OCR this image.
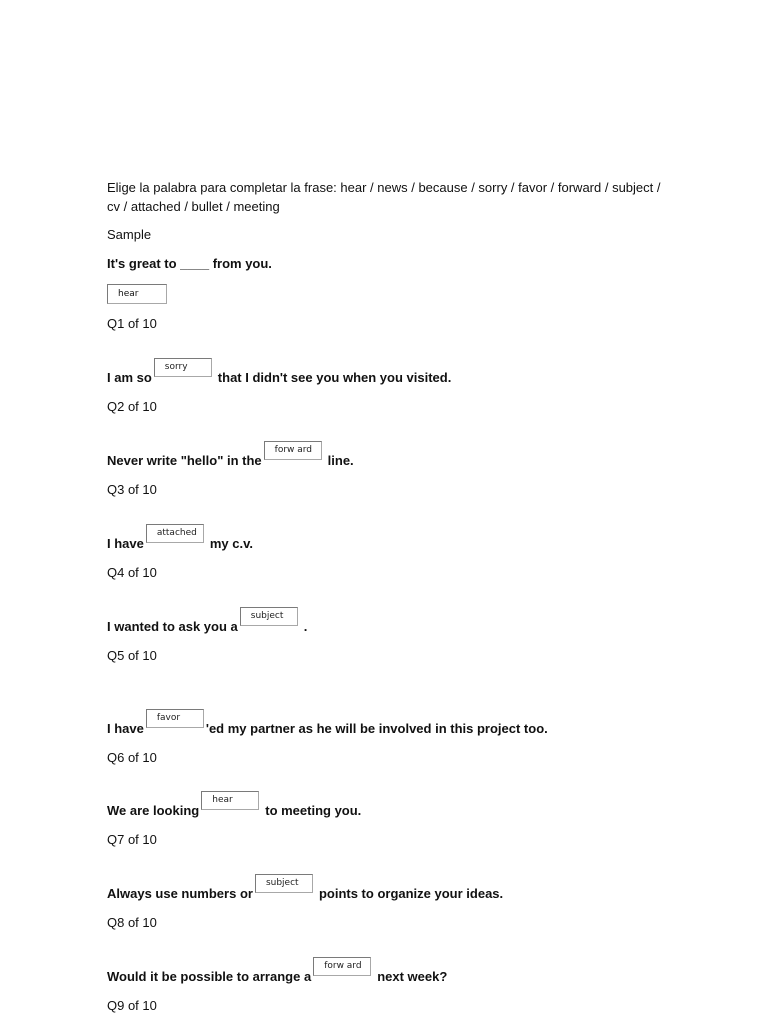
Elige la palabra para completar la frase: hear / news / because / sorry / favor / forward / subject / cv / attached / bullet / meeting

Sample

It's great to ____ from you.

hear

Q1 of 10

I am so
sorry
that I didn't see you when you visited.

Q2 of 10

Never write "hello" in the
forw ard
line.

Q3 of 10

I have
attached
my c.v.

Q4 of 10

I wanted to ask you a
subject
.

Q5 of 10

I have
favor
'ed my partner as he will be involved in this project too.

Q6 of 10

We are looking
hear
to meeting you.

Q7 of 10

Always use numbers or
subject
points to organize your ideas.

Q8 of 10

Would it be possible to arrange a
forw ard
next week?

Q9 of 10
